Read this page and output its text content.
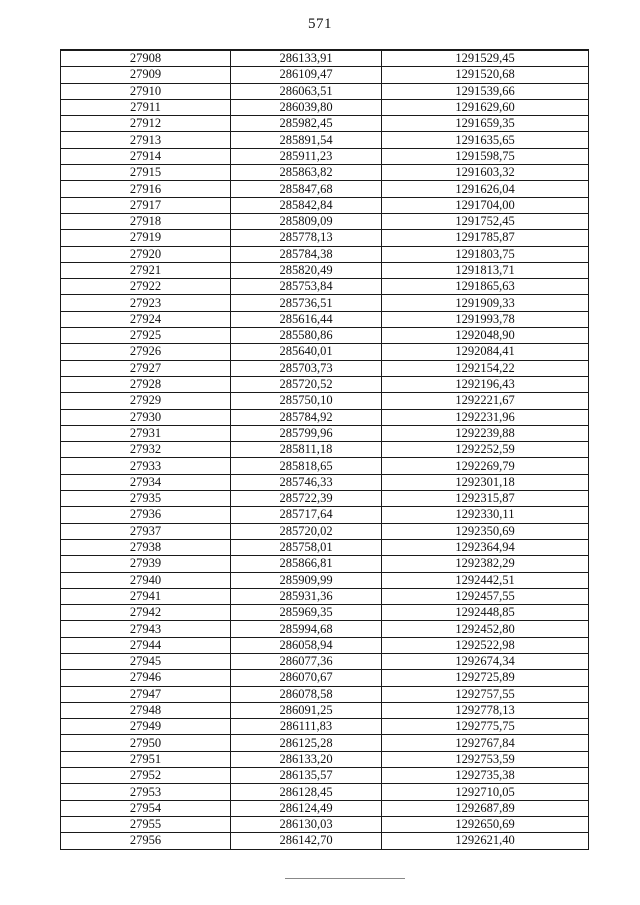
571
27908	286133,91	1291529,45
27909	286109,47	1291520,68
27910	286063,51	1291539,66
27911	286039,80	1291629,60
27912	285982,45	1291659,35
27913	285891,54	1291635,65
27914	285911,23	1291598,75
27915	285863,82	1291603,32
27916	285847,68	1291626,04
27917	285842,84	1291704,00
27918	285809,09	1291752,45
27919	285778,13	1291785,87
27920	285784,38	1291803,75
27921	285820,49	1291813,71
27922	285753,84	1291865,63
27923	285736,51	1291909,33
27924	285616,44	1291993,78
27925	285580,86	1292048,90
27926	285640,01	1292084,41
27927	285703,73	1292154,22
27928	285720,52	1292196,43
27929	285750,10	1292221,67
27930	285784,92	1292231,96
27931	285799,96	1292239,88
27932	285811,18	1292252,59
27933	285818,65	1292269,79
27934	285746,33	1292301,18
27935	285722,39	1292315,87
27936	285717,64	1292330,11
27937	285720,02	1292350,69
27938	285758,01	1292364,94
27939	285866,81	1292382,29
27940	285909,99	1292442,51
27941	285931,36	1292457,55
27942	285969,35	1292448,85
27943	285994,68	1292452,80
27944	286058,94	1292522,98
27945	286077,36	1292674,34
27946	286070,67	1292725,89
27947	286078,58	1292757,55
27948	286091,25	1292778,13
27949	286111,83	1292775,75
27950	286125,28	1292767,84
27951	286133,20	1292753,59
27952	286135,57	1292735,38
27953	286128,45	1292710,05
27954	286124,49	1292687,89
27955	286130,03	1292650,69
27956	286142,70	1292621,40
